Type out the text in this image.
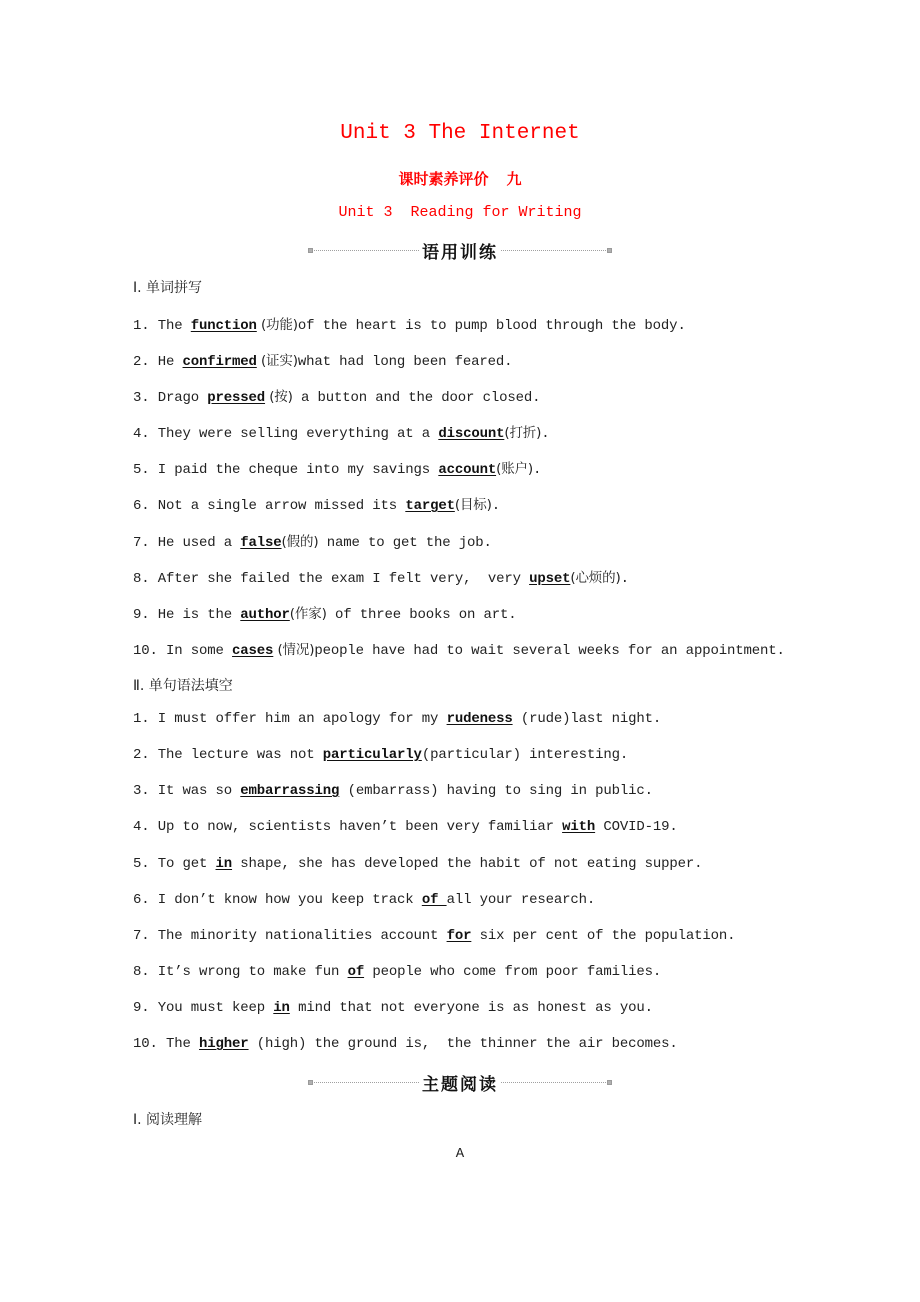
Unit 3 The Internet
课时素养评价 九
Unit 3  Reading for Writing
语用训练
Ⅰ. 单词拼写
1. The function (功能)of the heart is to pump blood through the body.
2. He confirmed (证实)what had long been feared.
3. Drago pressed (按) a button and the door closed.
4. They were selling everything at a discount(打折).
5. I paid the cheque into my savings account(账户).
6. Not a single arrow missed its target(目标).
7. He used a false(假的) name to get the job.
8. After she failed the exam I felt very,  very upset(心烦的).
9. He is the author(作家) of three books on art.
10. In some cases (情况)people have had to wait several weeks for an appointment.
Ⅱ. 单句语法填空
1. I must offer him an apology for my rudeness (rude)last night.
2. The lecture was not particularly(particular) interesting.
3. It was so embarrassing (embarrass) having to sing in public.
4. Up to now, scientists haven’t been very familiar with COVID-19.
5. To get in shape, she has developed the habit of not eating supper.
6. I don’t know how you keep track of all your research.
7. The minority nationalities account for six per cent of the population.
8. It’s wrong to make fun of people who come from poor families.
9. You must keep in mind that not everyone is as honest as you.
10. The higher (high) the ground is,  the thinner the air becomes.
主题阅读
Ⅰ. 阅读理解
A
